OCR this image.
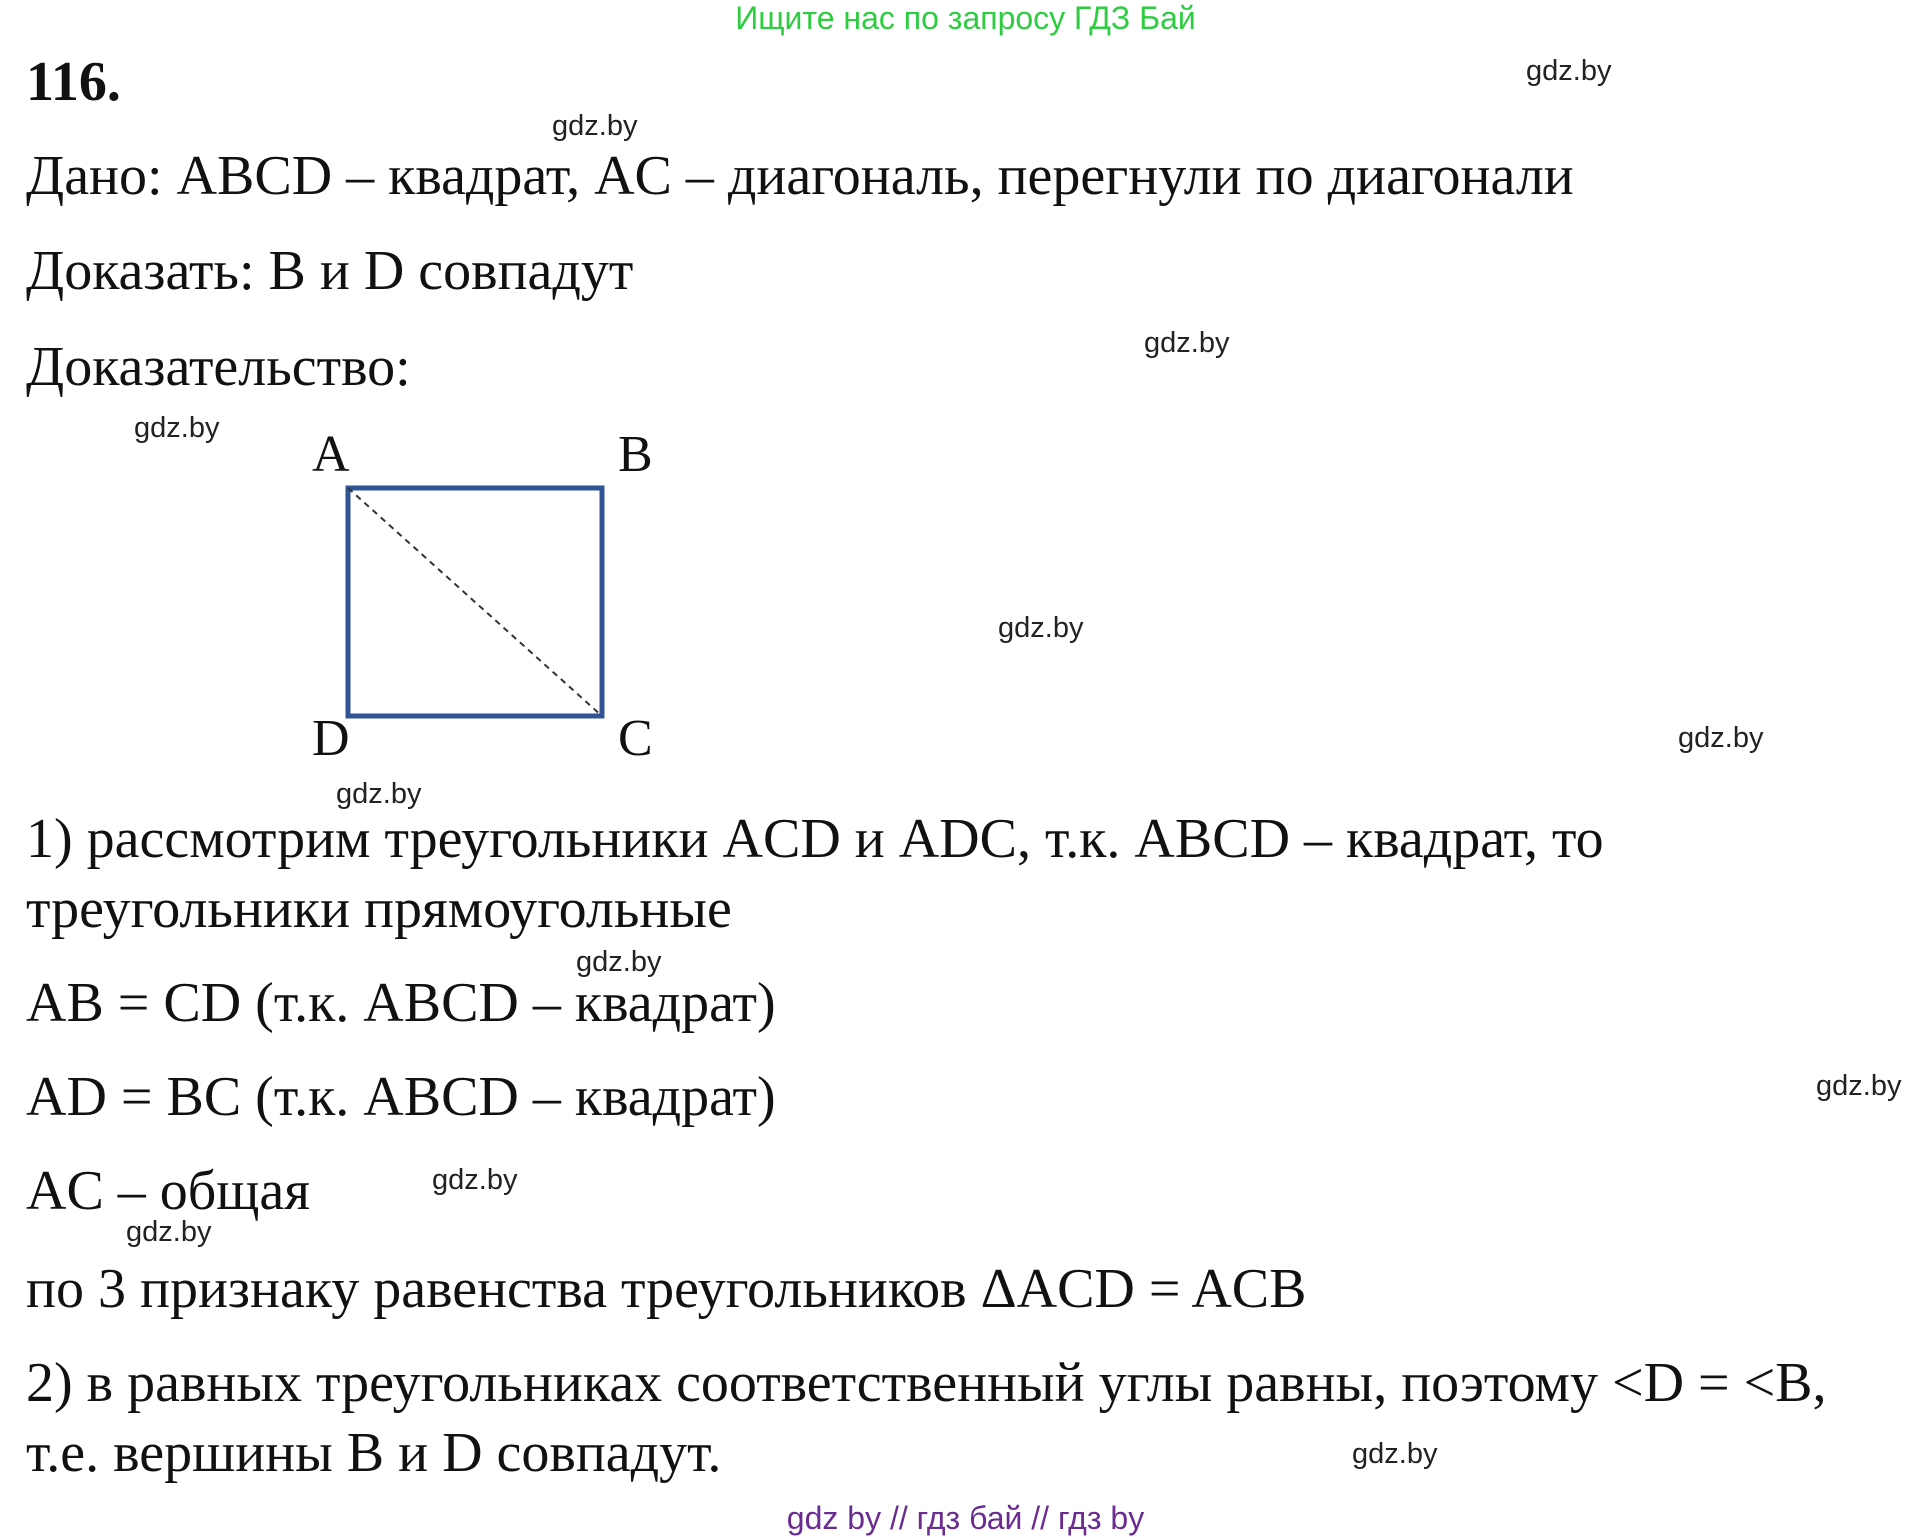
Ищите нас по запросу ГДЗ Бай
116.
Дано: ABCD – квадрат, AC – диагональ, перегнули по диагонали
Доказать: B и D совпадут
Доказательство:
A	B
C
D
1) рассмотрим треугольники ACD и ADC, т.к. ABCD – квадрат, то
треугольники прямоугольные
AB = CD (т.к. ABCD – квадрат)
AD = BC (т.к. ABCD – квадрат)
AC – общая
по 3 признаку равенства треугольников ΔACD = ACB
2) в равных треугольниках соответственный углы равны, поэтому <D = <B,
т.е. вершины B и D совпадут.
gdz.by
gdz.by
gdz.by
gdz.by
gdz.by
gdz.by
gdz.by
gdz.by
gdz.by
gdz.by
gdz.by
gdz.by
gdz by // гдз бай // гдз by
